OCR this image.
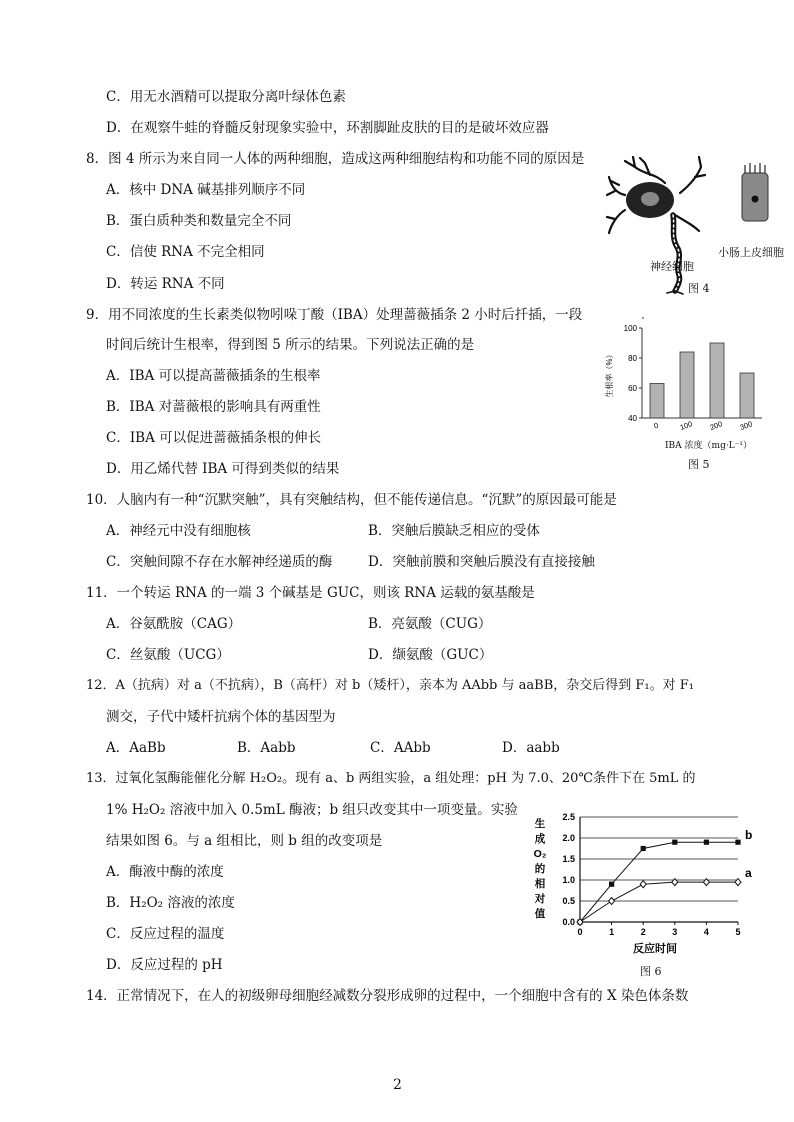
C．用无水酒精可以提取分离叶绿体色素
D．在观察牛蛙的脊髓反射现象实验中，环割脚趾皮肤的目的是破坏效应器
8．图 4 所示为来自同一人体的两种细胞，造成这两种细胞结构和功能不同的原因是
A．核中 DNA 碱基排列顺序不同
B．蛋白质种类和数量完全不同
C．信使 RNA 不完全相同
D．转运 RNA 不同
9．用不同浓度的生长素类似物吲哚丁酸（IBA）处理蔷薇插条 2 小时后扦插，一段
时间后统计生根率，得到图 5 所示的结果。下列说法正确的是
A．IBA 可以提高蔷薇插条的生根率
B．IBA 对蔷薇根的影响具有两重性
C．IBA 可以促进蔷薇插条根的伸长
D．用乙烯代替 IBA 可得到类似的结果
10．人脑内有一种“沉默突触”，具有突触结构，但不能传递信息。“沉默”的原因最可能是
A．神经元中没有细胞核	B．突触后膜缺乏相应的受体
C．突触间隙不存在水解神经递质的酶	D．突触前膜和突触后膜没有直接接触
11．一个转运 RNA 的一端 3 个碱基是 GUC，则该 RNA 运载的氨基酸是
A．谷氨酰胺（CAG）	B．亮氨酸（CUG）
C．丝氨酸（UCG）	D．缬氨酸（GUC）
12．A（抗病）对 a（不抗病），B（高杆）对 b（矮杆），亲本为 AAbb 与 aaBB，杂交后得到 F₁。对 F₁
测交，子代中矮杆抗病个体的基因型为
A．AaBb	B．Aabb	C．AAbb	D．aabb
13．过氧化氢酶能催化分解 H₂O₂。现有 a、b 两组实验，a 组处理：pH 为 7.0、20℃条件下在 5mL 的
1% H₂O₂ 溶液中加入 0.5mL 酶液；b 组只改变其中一项变量。实验
结果如图 6。与 a 组相比，则 b 组的改变项是
A．酶液中酶的浓度
B．H₂O₂ 溶液的浓度
C．反应过程的温度
D．反应过程的 pH
14．正常情况下，在人的初级卵母细胞经减数分裂形成卵的过程中，一个细胞中含有的 X 染色体条数
神经细胞
小肠上皮细胞
图 4
生根率（%）
40
60
80
100
0	100 200 300
IBA 浓度（mg·L⁻¹）
图 5
反应时间
0.0
0.5
1.0
1.5
2.0
2.5
0	1	2	3	4	5
生
成
O₂
的
相
对
值
b
a
图 6
2
